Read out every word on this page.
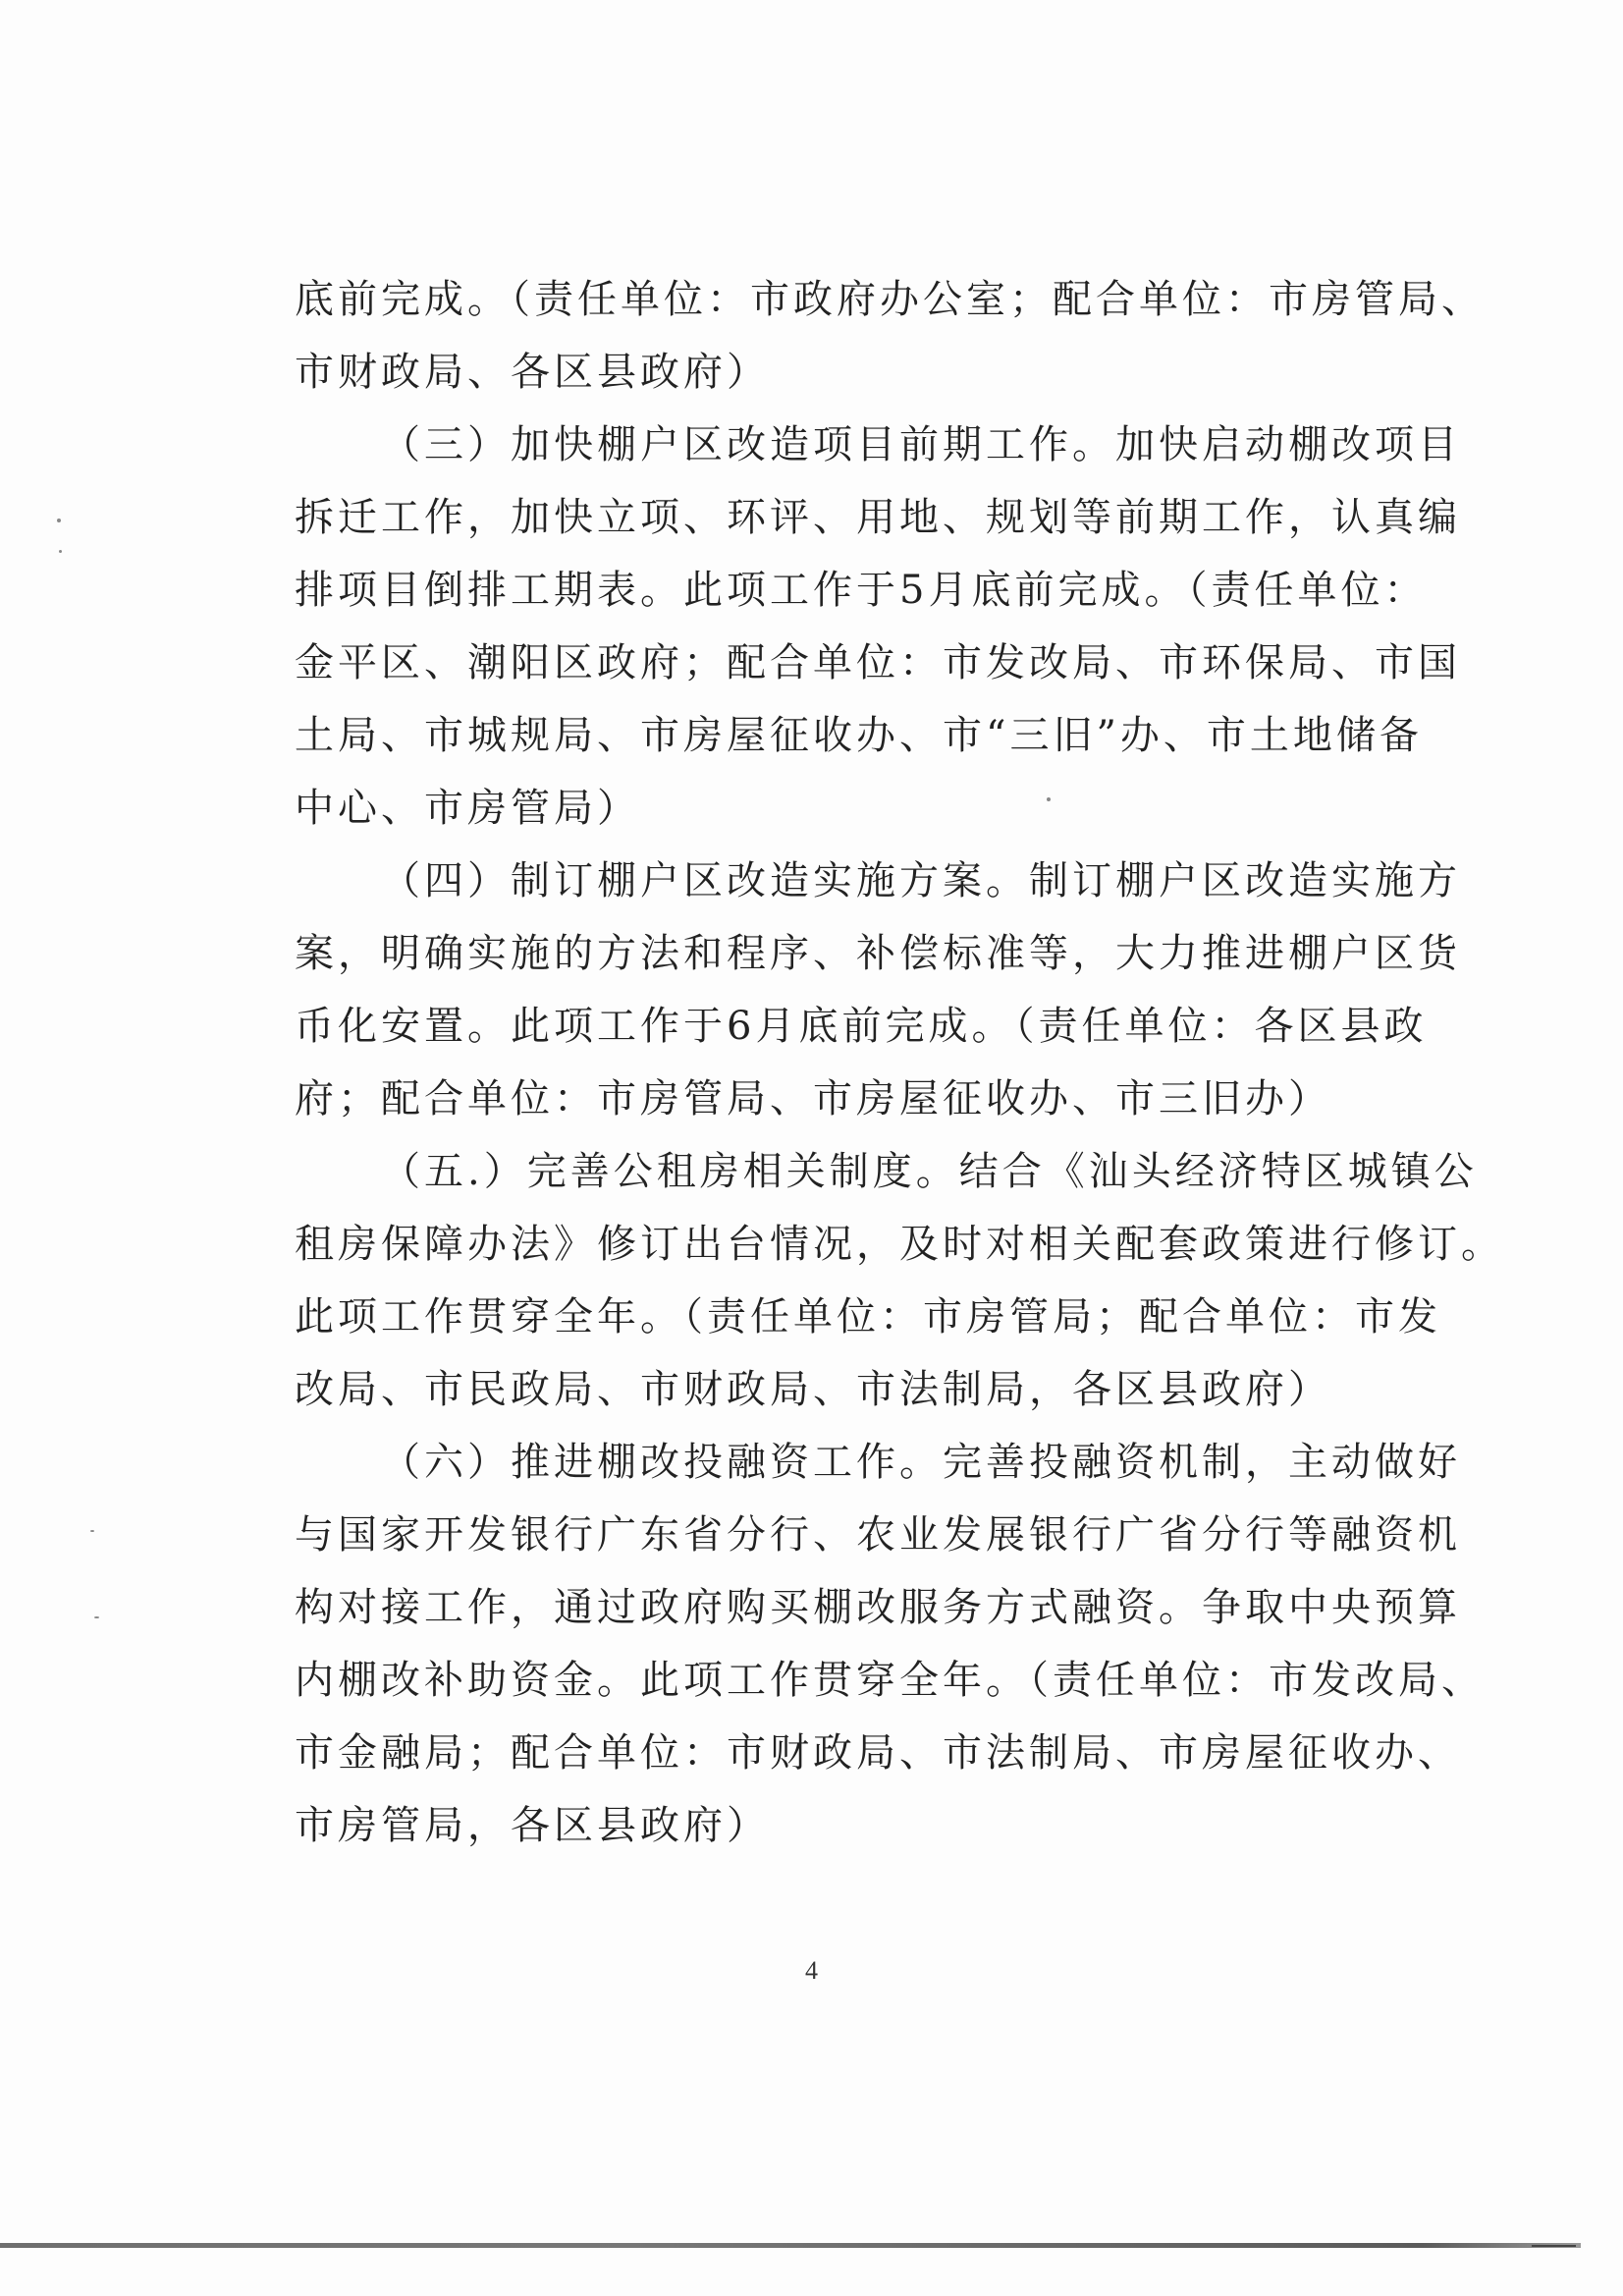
底前完成。（责任单位：市政府办公室；配合单位：市房管局、
市财政局、各区县政府）
（三）加快棚户区改造项目前期工作。加快启动棚改项目
拆迁工作，加快立项、环评、用地、规划等前期工作，认真编
排项目倒排工期表。此项工作于5月底前完成。（责任单位：
金平区、潮阳区政府；配合单位：市发改局、市环保局、市国
土局、市城规局、市房屋征收办、市“三旧”办、市土地储备
中心、市房管局）
（四）制订棚户区改造实施方案。制订棚户区改造实施方
案，明确实施的方法和程序、补偿标准等，大力推进棚户区货
币化安置。此项工作于6月底前完成。（责任单位：各区县政
府；配合单位：市房管局、市房屋征收办、市三旧办）
（五.）完善公租房相关制度。结合《汕头经济特区城镇公
租房保障办法》修订出台情况，及时对相关配套政策进行修订。
此项工作贯穿全年。（责任单位：市房管局；配合单位：市发
改局、市民政局、市财政局、市法制局，各区县政府）
（六）推进棚改投融资工作。完善投融资机制，主动做好
与国家开发银行广东省分行、农业发展银行广省分行等融资机
构对接工作，通过政府购买棚改服务方式融资。争取中央预算
内棚改补助资金。此项工作贯穿全年。（责任单位：市发改局、
市金融局；配合单位：市财政局、市法制局、市房屋征收办、
市房管局，各区县政府）
4
